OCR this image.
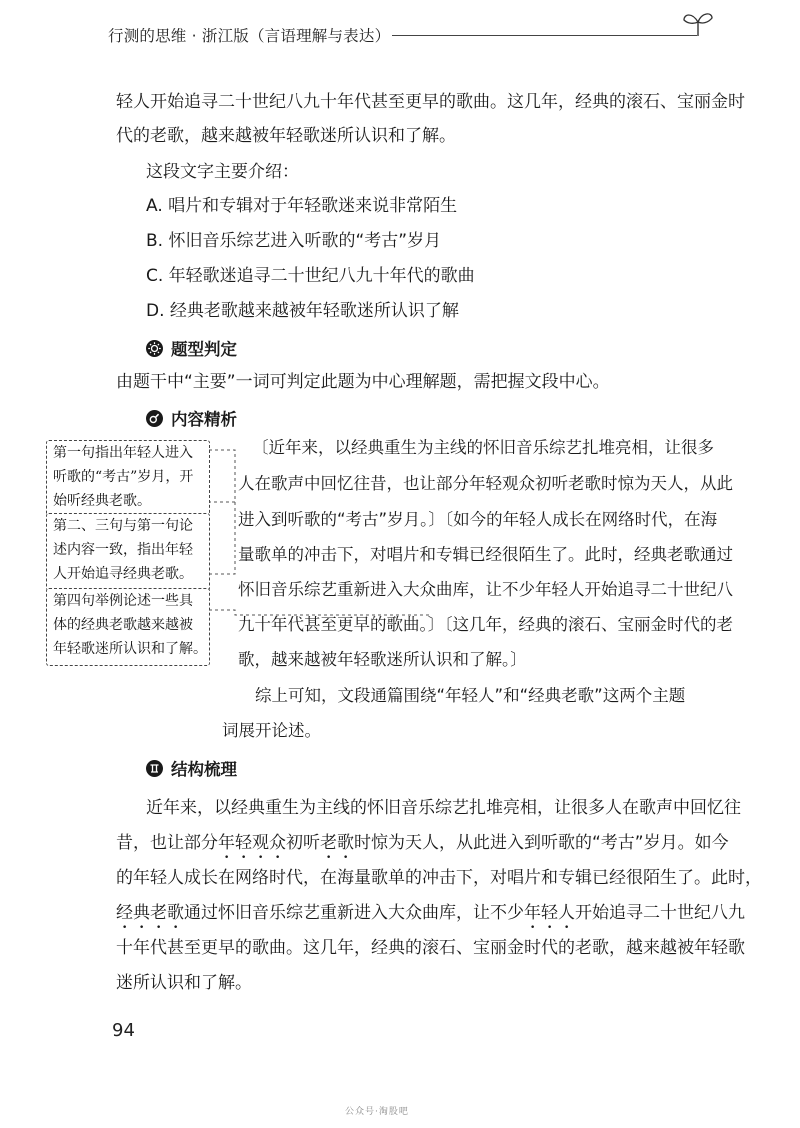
行测的思维 · 浙江版（言语理解与表达）
轻人开始追寻二十世纪八九十年代甚至更早的歌曲。这几年，经典的滚石、宝丽金时
代的老歌，越来越被年轻歌迷所认识和了解。
这段文字主要介绍：
A. 唱片和专辑对于年轻歌迷来说非常陌生
B. 怀旧音乐综艺进入听歌的“考古”岁月
C. 年轻歌迷追寻二十世纪八九十年代的歌曲
D. 经典老歌越来越被年轻歌迷所认识了解
题型判定
由题干中“主要”一词可判定此题为中心理解题，需把握文段中心。
内容精析
第一句指出年轻人进入
听歌的“考古”岁月，开
始听经典老歌。
第二、三句与第一句论
述内容一致，指出年轻
人开始追寻经典老歌。
第四句举例论述一些具
体的经典老歌越来越被
年轻歌迷所认识和了解。
〔近年来，以经典重生为主线的怀旧音乐综艺扎堆亮相，让很多
人在歌声中回忆往昔，也让部分年轻观众初听老歌时惊为天人，从此
进入到听歌的“考古”岁月。〕〔如今的年轻人成长在网络时代，在海
量歌单的冲击下，对唱片和专辑已经很陌生了。此时，经典老歌通过
怀旧音乐综艺重新进入大众曲库，让不少年轻人开始追寻二十世纪八
九十年代甚至更早的歌曲。〕〔这几年，经典的滚石、宝丽金时代的老
歌，越来越被年轻歌迷所认识和了解。〕
综上可知，文段通篇围绕“年轻人”和“经典老歌”这两个主题
词展开论述。
结构梳理
近年来，以经典重生为主线的怀旧音乐综艺扎堆亮相，让很多人在歌声中回忆往
昔，也让部分年轻观众初听老歌时惊为天人，从此进入到听歌的“考古”岁月。如今
的年轻人成长在网络时代，在海量歌单的冲击下，对唱片和专辑已经很陌生了。此时，
经典老歌通过怀旧音乐综艺重新进入大众曲库，让不少年轻人开始追寻二十世纪八九
十年代甚至更早的歌曲。这几年，经典的滚石、宝丽金时代的老歌，越来越被年轻歌
迷所认识和了解。
94
公众号·淘股吧
